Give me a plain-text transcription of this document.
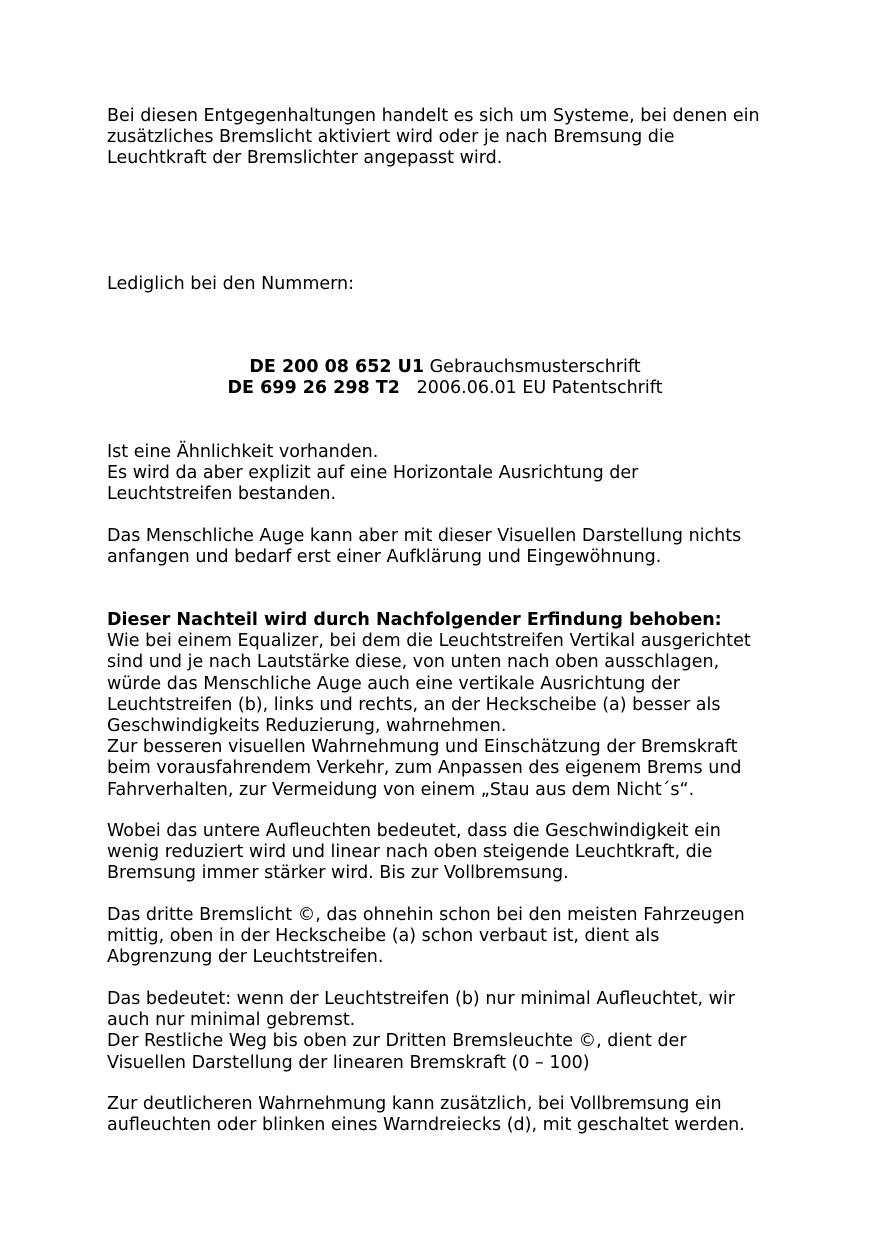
Bei diesen Entgegenhaltungen handelt es sich um Systeme, bei denen ein
zusätzliches Bremslicht aktiviert wird oder je nach Bremsung die
Leuchtkraft der Bremslichter angepasst wird.
Lediglich bei den Nummern:
DE 200 08 652 U1 Gebrauchsmusterschrift
DE 699 26 298 T2   2006.06.01 EU Patentschrift
Ist eine Ähnlichkeit vorhanden.
Es wird da aber explizit auf eine Horizontale Ausrichtung der
Leuchtstreifen bestanden.
Das Menschliche Auge kann aber mit dieser Visuellen Darstellung nichts
anfangen und bedarf erst einer Aufklärung und Eingewöhnung.
Dieser Nachteil wird durch Nachfolgender Erfindung behoben:
Wie bei einem Equalizer, bei dem die Leuchtstreifen Vertikal ausgerichtet
sind und je nach Lautstärke diese, von unten nach oben ausschlagen,
würde das Menschliche Auge auch eine vertikale Ausrichtung der
Leuchtstreifen (b), links und rechts, an der Heckscheibe (a) besser als
Geschwindigkeits Reduzierung, wahrnehmen.
Zur besseren visuellen Wahrnehmung und Einschätzung der Bremskraft
beim vorausfahrendem Verkehr, zum Anpassen des eigenem Brems und
Fahrverhalten, zur Vermeidung von einem „Stau aus dem Nicht´s“.
Wobei das untere Aufleuchten bedeutet, dass die Geschwindigkeit ein
wenig reduziert wird und linear nach oben steigende Leuchtkraft, die
Bremsung immer stärker wird. Bis zur Vollbremsung.
Das dritte Bremslicht ©, das ohnehin schon bei den meisten Fahrzeugen
mittig, oben in der Heckscheibe (a) schon verbaut ist, dient als
Abgrenzung der Leuchtstreifen.
Das bedeutet: wenn der Leuchtstreifen (b) nur minimal Aufleuchtet, wir
auch nur minimal gebremst.
Der Restliche Weg bis oben zur Dritten Bremsleuchte ©, dient der
Visuellen Darstellung der linearen Bremskraft (0 – 100)
Zur deutlicheren Wahrnehmung kann zusätzlich, bei Vollbremsung ein
aufleuchten oder blinken eines Warndreiecks (d), mit geschaltet werden.
